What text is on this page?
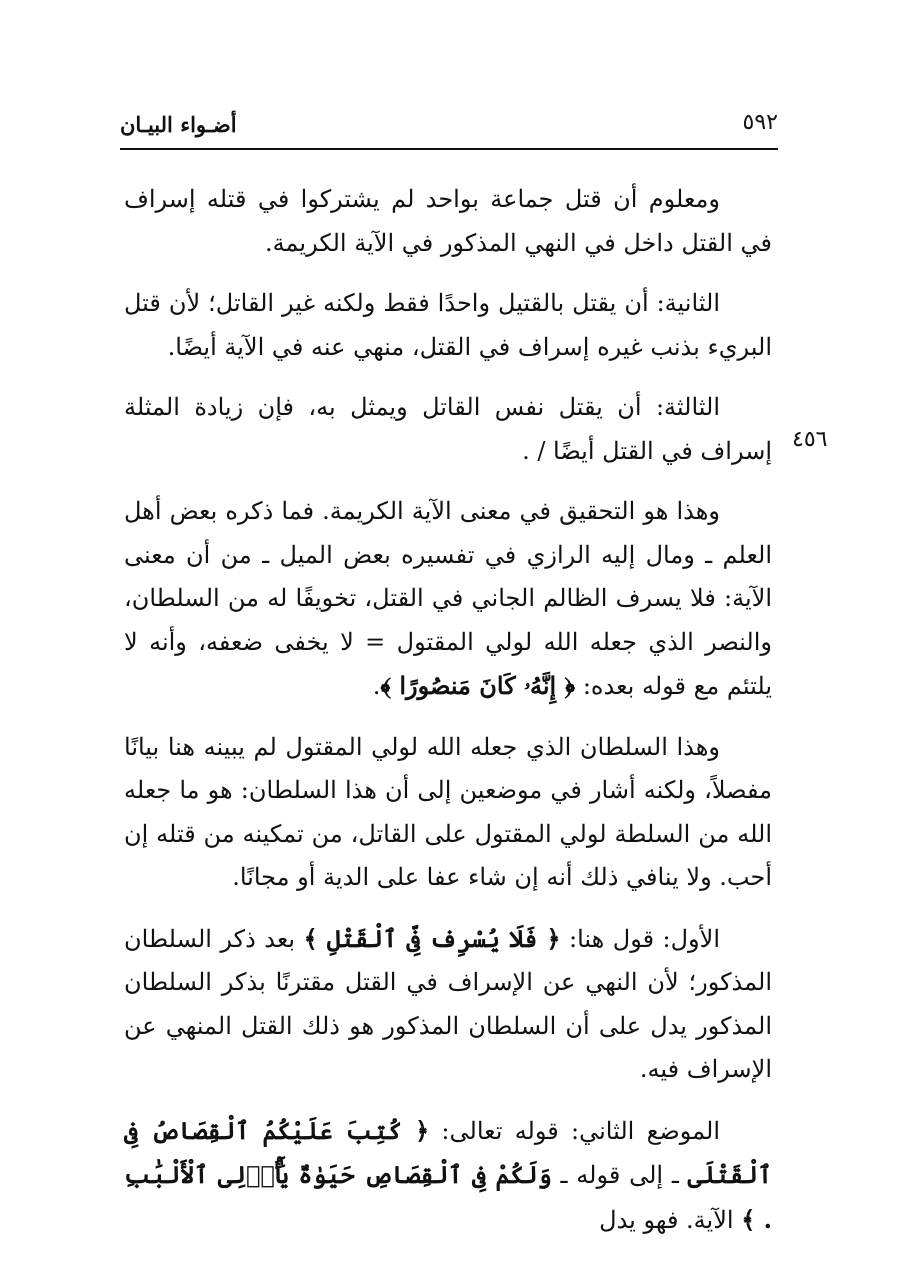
٥٩٢
أضـواء البيـان
٤٥٦

ومعلوم أن قتل جماعة بواحد لم يشتركوا في قتله إسراف في القتل داخل في النهي المذكور في الآية الكريمة.

الثانية: أن يقتل بالقتيل واحدًا فقط ولكنه غير القاتل؛ لأن قتل البريء بذنب غيره إسراف في القتل، منهي عنه في الآية أيضًا.

الثالثة: أن يقتل نفس القاتل ويمثل به، فإن زيادة المثلة إسراف في القتل أيضًا / .

وهذا هو التحقيق في معنى الآية الكريمة. فما ذكره بعض أهل العلم ـ ومال إليه الرازي في تفسيره بعض الميل ـ من أن معنى الآية: فلا يسرف الظالم الجاني في القتل، تخويفًا له من السلطان، والنصر الذي جعله الله لولي المقتول = لا يخفى ضعفه، وأنه لا يلتئم مع قوله بعده: ﴿ إِنَّهُۥ كَانَ مَنصُورًا ﴾.

وهذا السلطان الذي جعله الله لولي المقتول لم يبينه هنا بيانًا مفصلاً، ولكنه أشار في موضعين إلى أن هذا السلطان: هو ما جعله الله من السلطة لولي المقتول على القاتل، من تمكينه من قتله إن أحب. ولا ينافي ذلك أنه إن شاء عفا على الدية أو مجانًا.

الأول: قول هنا: ﴿ فَلَا يُسْرِف فِّى ٱلْقَتْلِ ﴾ بعد ذكر السلطان المذكور؛ لأن النهي عن الإسراف في القتل مقترنًا بذكر السلطان المذكور يدل على أن السلطان المذكور هو ذلك القتل المنهي عن الإسراف فيه.

الموضع الثاني: قوله تعالى: ﴿ كُتِبَ عَلَيْكُمُ ٱلْقِصَاصُ فِى ٱلْقَتْلَى ـ إلى قوله ـ وَلَكُمْ فِى ٱلْقِصَاصِ حَيَوٰةٌ يَٰٓأُو۟لِى ٱلْأَلْبَٰبِ . ﴾ الآية. فهو يدل
